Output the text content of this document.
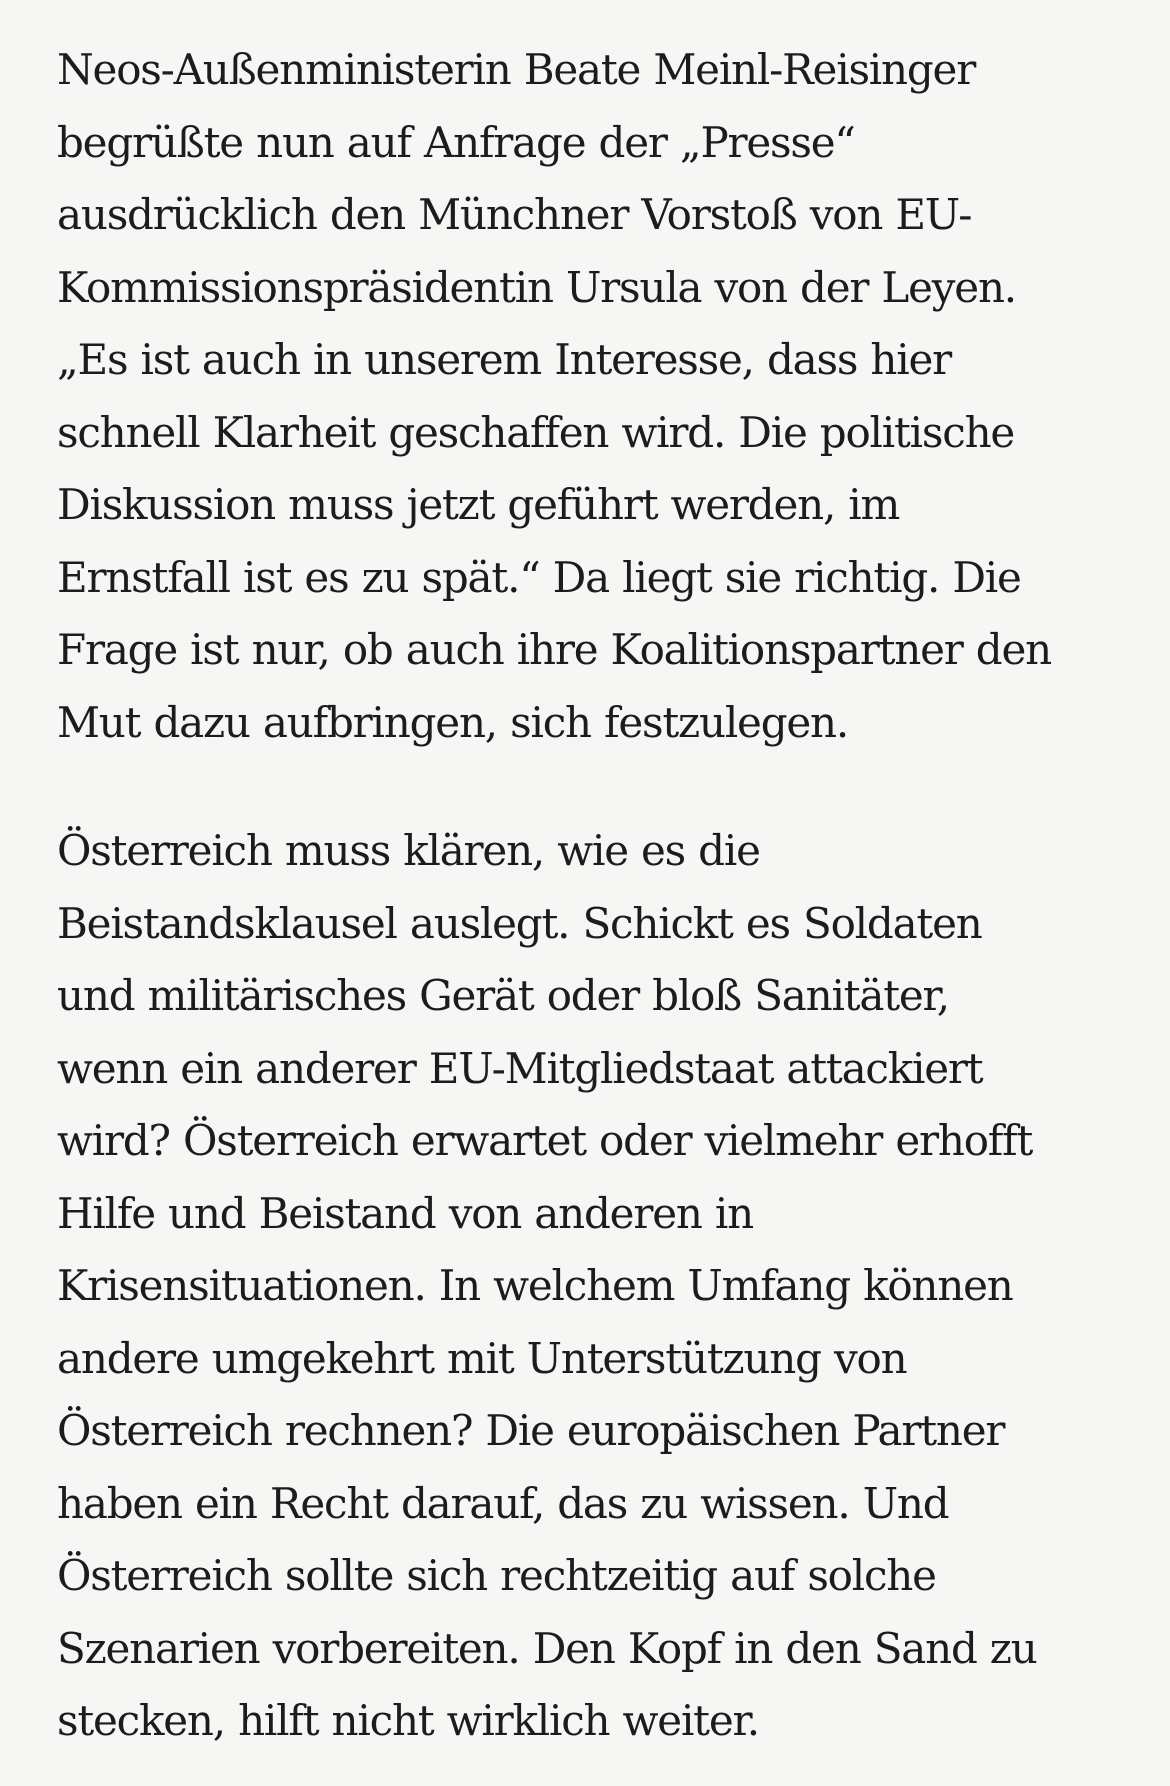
Neos-Außenministerin Beate Meinl-Reisinger
begrüßte nun auf Anfrage der „Presse“
ausdrücklich den Münchner Vorstoß von EU-
Kommissionspräsidentin Ursula von der Leyen.
„Es ist auch in unserem Interesse, dass hier
schnell Klarheit geschaffen wird. Die politische
Diskussion muss jetzt geführt werden, im
Ernstfall ist es zu spät.“ Da liegt sie richtig. Die
Frage ist nur, ob auch ihre Koalitionspartner den
Mut dazu aufbringen, sich festzulegen.

Österreich muss klären, wie es die
Beistandsklausel auslegt. Schickt es Soldaten
und militärisches Gerät oder bloß Sanitäter,
wenn ein anderer EU-Mitgliedstaat attackiert
wird? Österreich erwartet oder vielmehr erhofft
Hilfe und Beistand von anderen in
Krisensituationen. In welchem Umfang können
andere umgekehrt mit Unterstützung von
Österreich rechnen? Die europäischen Partner
haben ein Recht darauf, das zu wissen. Und
Österreich sollte sich rechtzeitig auf solche
Szenarien vorbereiten. Den Kopf in den Sand zu
stecken, hilft nicht wirklich weiter.
